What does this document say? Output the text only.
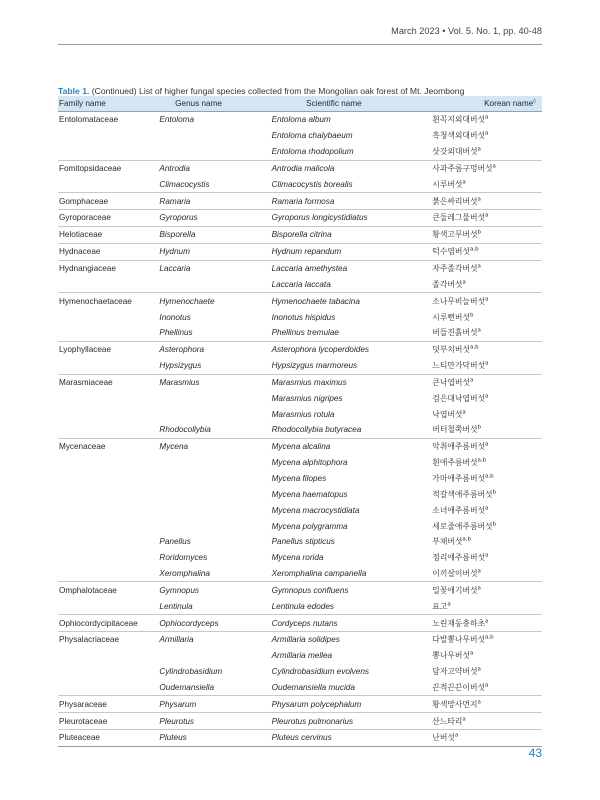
March 2023 • Vol. 5. No. 1, pp. 40-48
Table 1. (Continued) List of higher fungal species collected from the Mongolian oak forest of Mt. Jeombong
Family name	Genus name	Scientific name	Korean name$^c$
Entolomataceae	Entoloma	Entoloma album	흰꼭지외대버섯$^a$
		Entoloma chalybaeum	흑청색외대버섯$^a$
		Entoloma rhodopolium	삿갓외대버섯$^a$
Fomitopsidaceae	Antrodia	Antrodia malicola	사과주름구멍버섯$^a$
	Climacocystis	Climacocystis borealis	시루버섯$^a$
Gomphaceae	Ramaria	Ramaria formosa	붉은싸리버섯$^a$
Gyroporaceae	Gyroporus	Gyroporus longicystidiatus	큰둘레그물버섯$^a$
Helotiaceae	Bisporella	Bisporella citrina	황색고무버섯$^b$
Hydnaceae	Hydnum	Hydnum repandum	턱수염버섯$^{a,b}$
Hydnangiaceae	Laccaria	Laccaria amethystea	자주졸각버섯$^a$
		Laccaria laccata	졸각버섯$^a$
Hymenochaetaceae	Hymenochaete	Hymenochaete tabacina	소나무비늘버섯$^a$
	Inonotus	Inonotus hispidus	시루뻔버섯$^b$
	Phellinus	Phellinus tremulae	버들진흙버섯$^a$
Lyophyllaceae	Asterophora	Asterophora lycoperdoides	덧부치버섯$^{a,b}$
	Hypsizygus	Hypsizygus marmoreus	느티만가닥버섯$^a$
Marasmiaceae	Marasmius	Marasmius maximus	큰낙엽버섯$^a$
		Marasmius nigripes	검은대낙엽버섯$^a$
		Marasmius rotula	낙엽버섯$^a$
	Rhodocollybia	Rhodocollybia butyracea	버터철쭉버섯$^b$
Mycenaceae	Mycena	Mycena alcalina	악취애주름버섯$^a$
		Mycena alphitophora	흰애주름버섯$^{a,b}$
		Mycena filopes	가마애주름버섯$^{a,b}$
		Mycena haematopus	적갈색애주름버섯$^b$
		Mycena macrocystidiata	소녀애주름버섯$^a$
		Mycena polygramma	세로줄애주름버섯$^b$
	Panellus	Panellus stipticus	부채버섯$^{a,b}$
	Roridomyces	Mycena rorida	점리애주름버섯$^a$
	Xeromphalina	Xeromphalina campanella	이끼살이버섯$^a$
Omphalotaceae	Gymnopus	Gymnopus confluens	밀꽃애기버섯$^a$
	Lentinula	Lentinula edodes	표고$^a$
Ophiocordycipitaceae	Ophiocordyceps	Cordyceps nutans	노린재동충하초$^a$
Physalacriaceae	Armillaria	Armillaria solidipes	다발뽕나무버섯$^{a,b}$
		Armillaria mellea	뽕나무버섯$^a$
	Cylindrobasidium	Cylindrobasidium evolvens	담자고약버섯$^a$
	Oudemansiella	Oudemansiella mucida	끈적끈끈이버섯$^a$
Physaraceae	Physarum	Physarum polycephalum	황색망사먼지$^a$
Pleurotaceae	Pleurotus	Pleurotus pulmonarius	산느타리$^a$
Pluteaceae	Pluteus	Pluteus cervinus	난버섯$^a$
43
